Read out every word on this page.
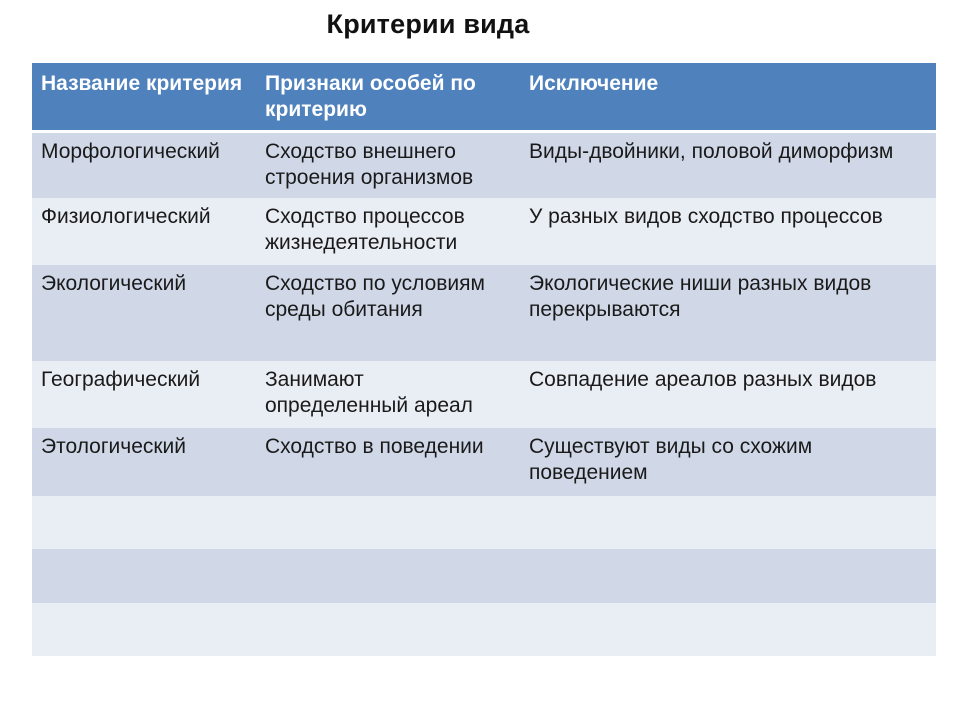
Критерии вида
Название критерия	Признаки особей по критерию	Исключение
Морфологический	Сходство внешнего строения организмов	Виды-двойники, половой диморфизм
Физиологический	Сходство процессов жизнедеятельности	У разных видов сходство процессов
Экологический	Сходство по условиям среды обитания	Экологические ниши разных видов перекрываются
Географический	Занимают определенный ареал	Совпадение ареалов разных видов
Этологический	Сходство в поведении	Существуют виды со схожим поведением
